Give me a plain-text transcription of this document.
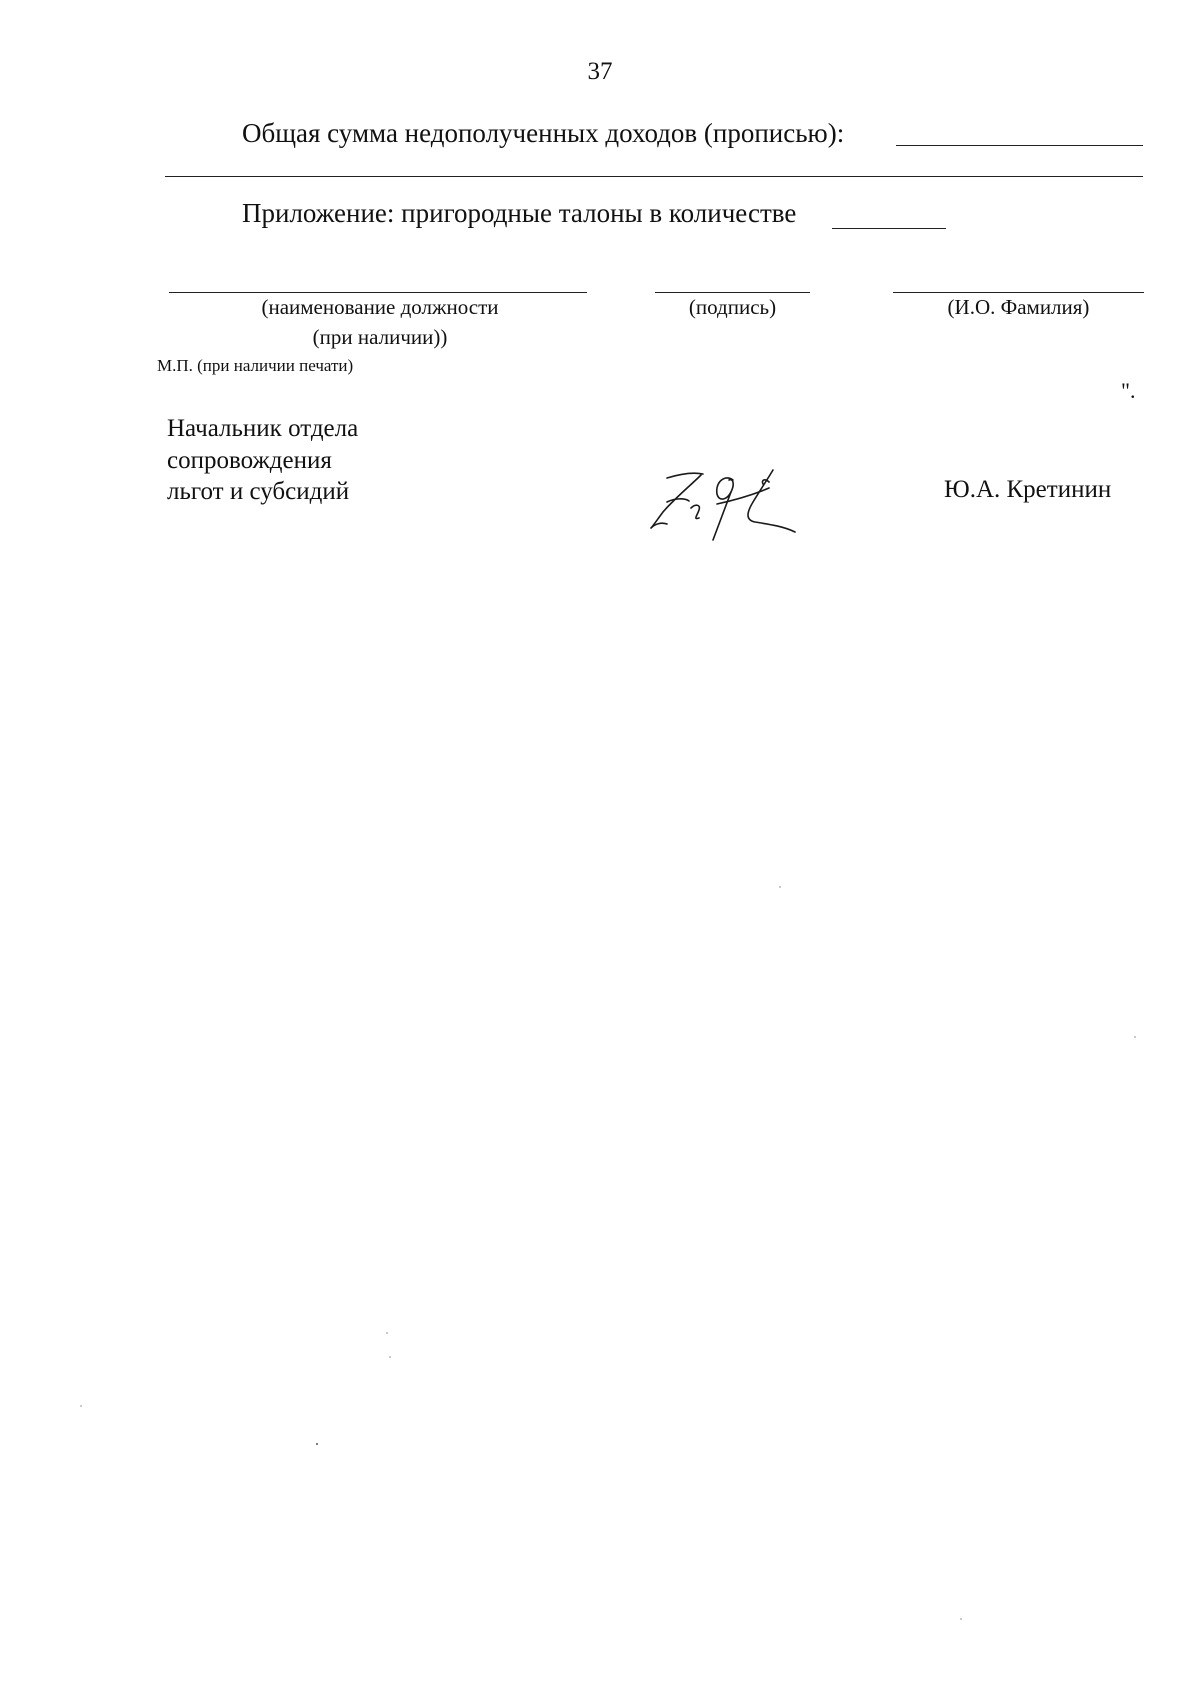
37
Общая сумма недополученных доходов (прописью):
Приложение: пригородные талоны в количестве
(наименование должности
(при наличии))
(подпись)	(И.О. Фамилия)
М.П. (при наличии печати)
".
Начальник отдела
сопровождения
льгот и субсидий	Ю.А. Кретинин
